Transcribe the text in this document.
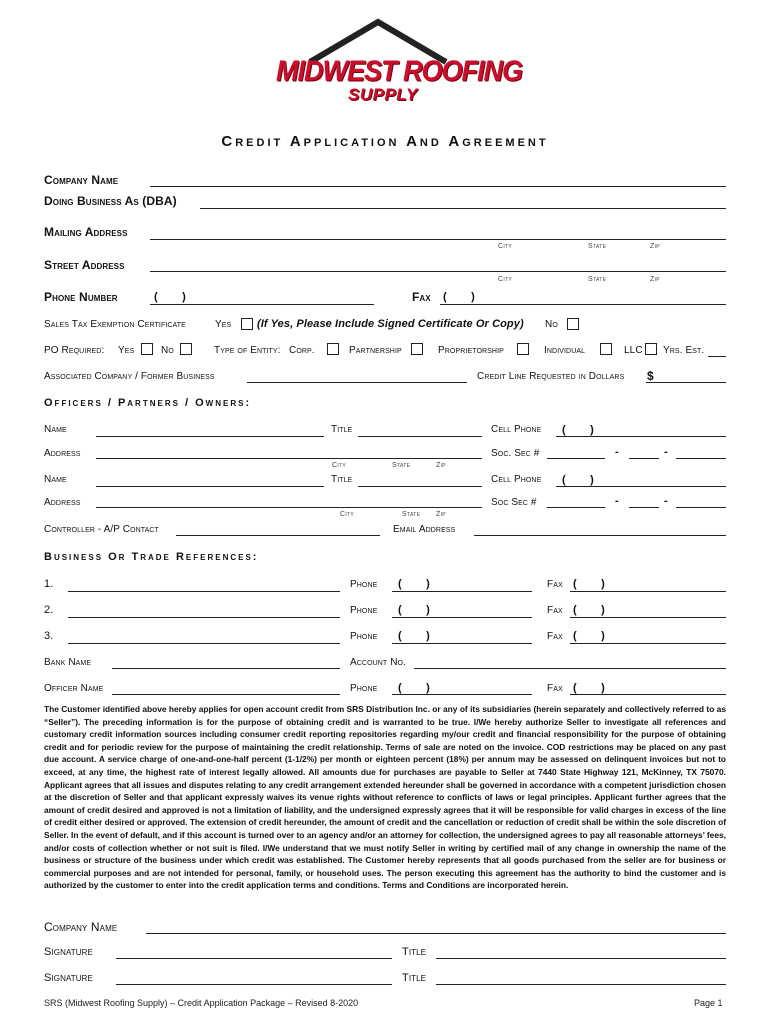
MIDWEST ROOFING
SUPPLY
Credit Application And Agreement
Company Name
Doing Business As (DBA)
Mailing Address
City	State	Zip
Street Address
City	State	Zip
Phone Number	(        )	Fax (        )
Sales Tax Exemption Certificate	Yes (If Yes, Please Include Signed Certificate Or Copy) No
PO Required: Yes	No	Type of Entity: Corp.	Partnership	Proprietorship	Individual	LLC Yrs. Est.
Associated Company / Former Business	Credit Line Requested in Dollars $
Officers / Partners / Owners:
Name	Title	Cell Phone (        )
Address
City	State	Zip
Soc. Sec #	-	-
Name	Title	Cell Phone (        )
Address
City	State Zip
Soc Sec #	-	-
Controller - A/P Contact	Email Address
Business Or Trade References:
1.	Phone (        )	Fax (        )
2.	Phone (        )	Fax (        )
3.	Phone (        )	Fax (        )
Bank Name	Account No.
Officer Name	Phone (        )	Fax (        )
The Customer identified above hereby applies for open account credit from SRS Distribution Inc. or any of its subsidiaries (herein separately and collectively referred to as “Seller”). The preceding information is for the purpose of obtaining credit and is warranted to be true. I/We hereby authorize Seller to investigate all references and customary credit information sources including consumer credit reporting repositories regarding my/our credit and financial responsibility for the purpose of obtaining credit and for periodic review for the purpose of maintaining the credit relationship. Terms of sale are noted on the invoice. COD restrictions may be placed on any past due account. A service charge of one-and-one-half percent (1-1/2%) per month or eighteen percent (18%) per annum may be assessed on delinquent invoices but not to exceed, at any time, the highest rate of interest legally allowed. All amounts due for purchases are payable to Seller at 7440 State Highway 121, McKinney, TX 75070. Applicant agrees that all issues and disputes relating to any credit arrangement extended hereunder shall be governed in accordance with a competent jurisdiction chosen at the discretion of Seller and that applicant expressly waives its venue rights without reference to conflicts of laws or legal principles. Applicant further agrees that the amount of credit desired and approved is not a limitation of liability, and the undersigned expressly agrees that it will be responsible for valid charges in excess of the line of credit either desired or approved. The extension of credit hereunder, the amount of credit and the cancellation or reduction of credit shall be within the sole discretion of Seller. In the event of default, and if this account is turned over to an agency and/or an attorney for collection, the undersigned agrees to pay all reasonable attorneys’ fees, and/or costs of collection whether or not suit is filed. I/We understand that we must notify Seller in writing by certified mail of any change in ownership the name of the business or structure of the business under which credit was established. The Customer hereby represents that all goods purchased from the seller are for business or commercial purposes and are not intended for personal, family, or household uses. The person executing this agreement has the authority to bind the customer and is authorized by the customer to enter into the credit application terms and conditions. Terms and Conditions are incorporated herein.
Company Name
Signature	Title
Signature	Title
SRS (Midwest Roofing Supply) – Credit Application Package – Revised 8-2020	Page 1
